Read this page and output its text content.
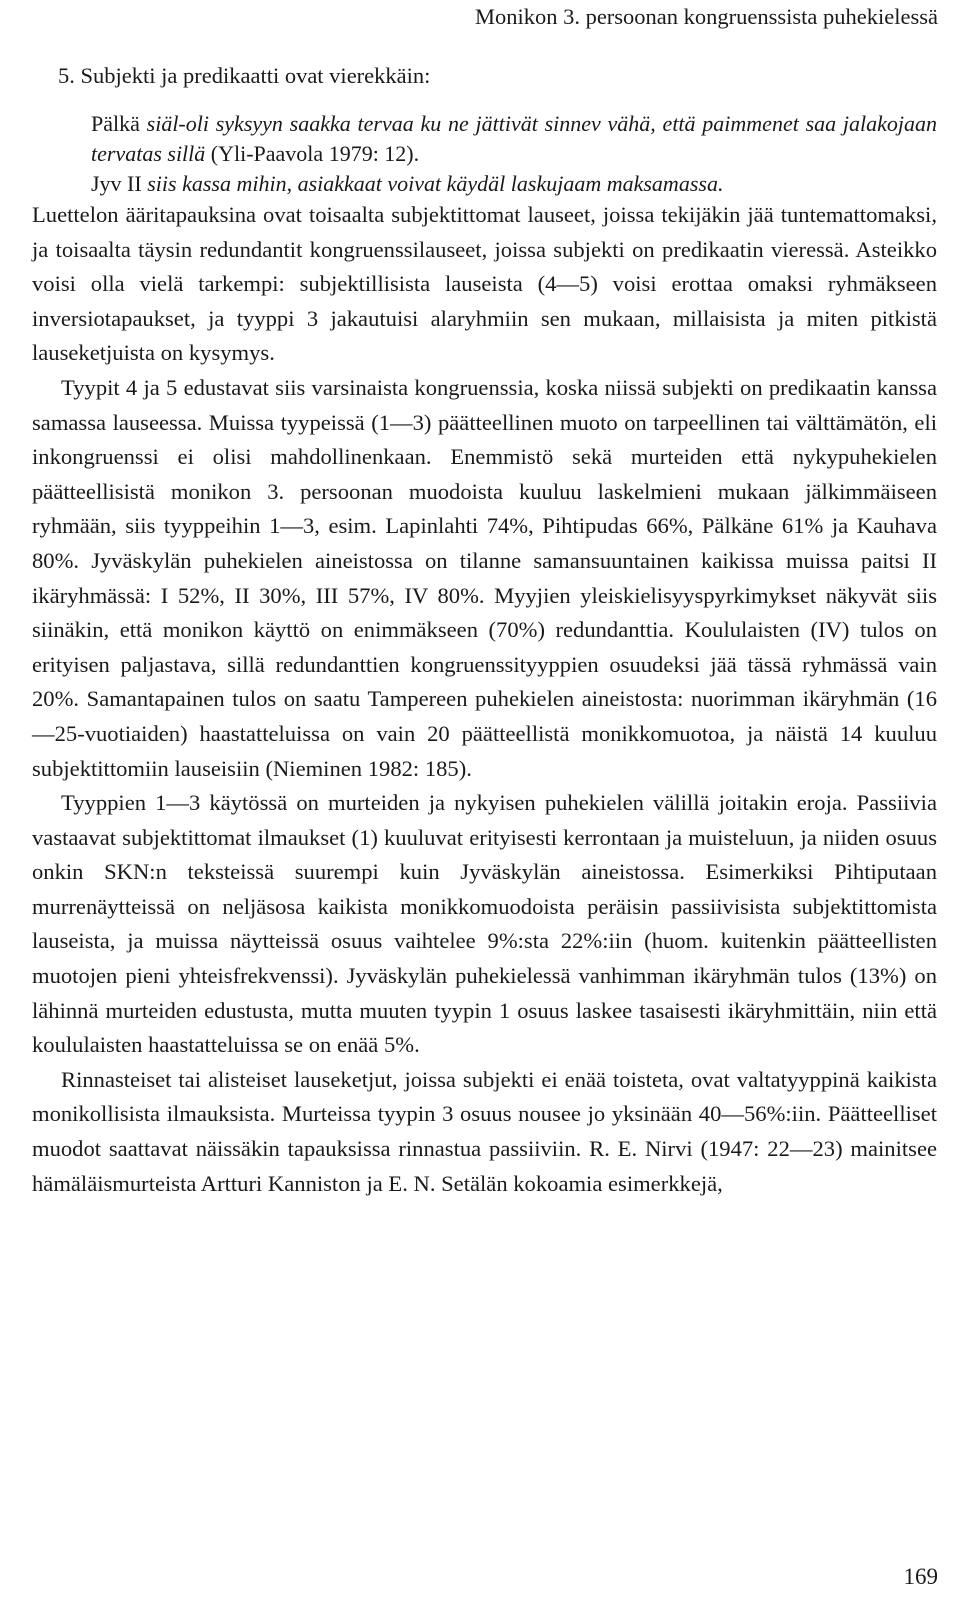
Monikon 3. persoonan kongruenssista puhekielessä
5. Subjekti ja predikaatti ovat vierekkäin:

Pälkä siäl-oli syksyyn saakka tervaa ku ne jättivät sinnev vähä, että paimmenet saa jalakojaan tervatas sillä (Yli-Paavola 1979: 12).

Jyv II siis kassa mihin, asiakkaat voivat käydäl laskujaam maksamassa.

Luettelon ääritapauksina ovat toisaalta subjektittomat lauseet, joissa tekijäkin jää tuntemattomaksi, ja toisaalta täysin redundantit kongruenssilauseet, joissa subjekti on predikaatin vieressä. Asteikko voisi olla vielä tarkempi: subjektillisista lauseista (4—5) voisi erottaa omaksi ryhmäkseen inversiotapaukset, ja tyyppi 3 jakautuisi alaryhmiin sen mukaan, millaisista ja miten pitkistä lauseketjuista on kysymys.

Tyypit 4 ja 5 edustavat siis varsinaista kongruenssia, koska niissä subjekti on predikaatin kanssa samassa lauseessa. Muissa tyypeissä (1—3) päätteellinen muoto on tarpeellinen tai välttämätön, eli inkongruenssi ei olisi mahdollinenkaan. Enemmistö sekä murteiden että nykypuhekielen päätteellisistä monikon 3. persoonan muodoista kuuluu laskelmieni mukaan jälkimmäiseen ryhmään, siis tyyppeihin 1—3, esim. Lapinlahti 74%, Pihtipudas 66%, Pälkäne 61% ja Kauhava 80%. Jyväskylän puhekielen aineistossa on tilanne samansuuntainen kaikissa muissa paitsi II ikäryhmässä: I 52%, II 30%, III 57%, IV 80%. Myyjien yleiskielisyyspyrkimykset näkyvät siis siinäkin, että monikon käyttö on enimmäkseen (70%) redundanttia. Koululaisten (IV) tulos on erityisen paljastava, sillä redundanttien kongruenssityyppien osuudeksi jää tässä ryhmässä vain 20%. Samantapainen tulos on saatu Tampereen puhekielen aineistosta: nuorimman ikäryhmän (16—25-vuotiaiden) haastatteluissa on vain 20 päätteellistä monikkomuotoa, ja näistä 14 kuuluu subjektittomiin lauseisiin (Nieminen 1982: 185).

Tyyppien 1—3 käytössä on murteiden ja nykyisen puhekielen välillä joitakin eroja. Passiivia vastaavat subjektittomat ilmaukset (1) kuuluvat erityisesti kerrontaan ja muisteluun, ja niiden osuus onkin SKN:n teksteissä suurempi kuin Jyväskylän aineistossa. Esimerkiksi Pihtiputaan murrenäytteissä on neljäsosa kaikista monikkomuodoista peräisin passiivisista subjektittomista lauseista, ja muissa näytteissä osuus vaihtelee 9%:sta 22%:iin (huom. kuitenkin päätteellisten muotojen pieni yhteisfrekvenssi). Jyväskylän puhekielessä vanhimman ikäryhmän tulos (13%) on lähinnä murteiden edustusta, mutta muuten tyypin 1 osuus laskee tasaisesti ikäryhmittäin, niin että koululaisten haastatteluissa se on enää 5%.

Rinnasteiset tai alisteiset lauseketjut, joissa subjekti ei enää toisteta, ovat valtatyyppinä kaikista monikollisista ilmauksista. Murteissa tyypin 3 osuus nousee jo yksinään 40—56%:iin. Päätteelliset muodot saattavat näissäkin tapauksissa rinnastua passiiviin. R. E. Nirvi (1947: 22—23) mainitsee hämäläismurteista Artturi Kanniston ja E. N. Setälän kokoamia esimerkkejä,

169
